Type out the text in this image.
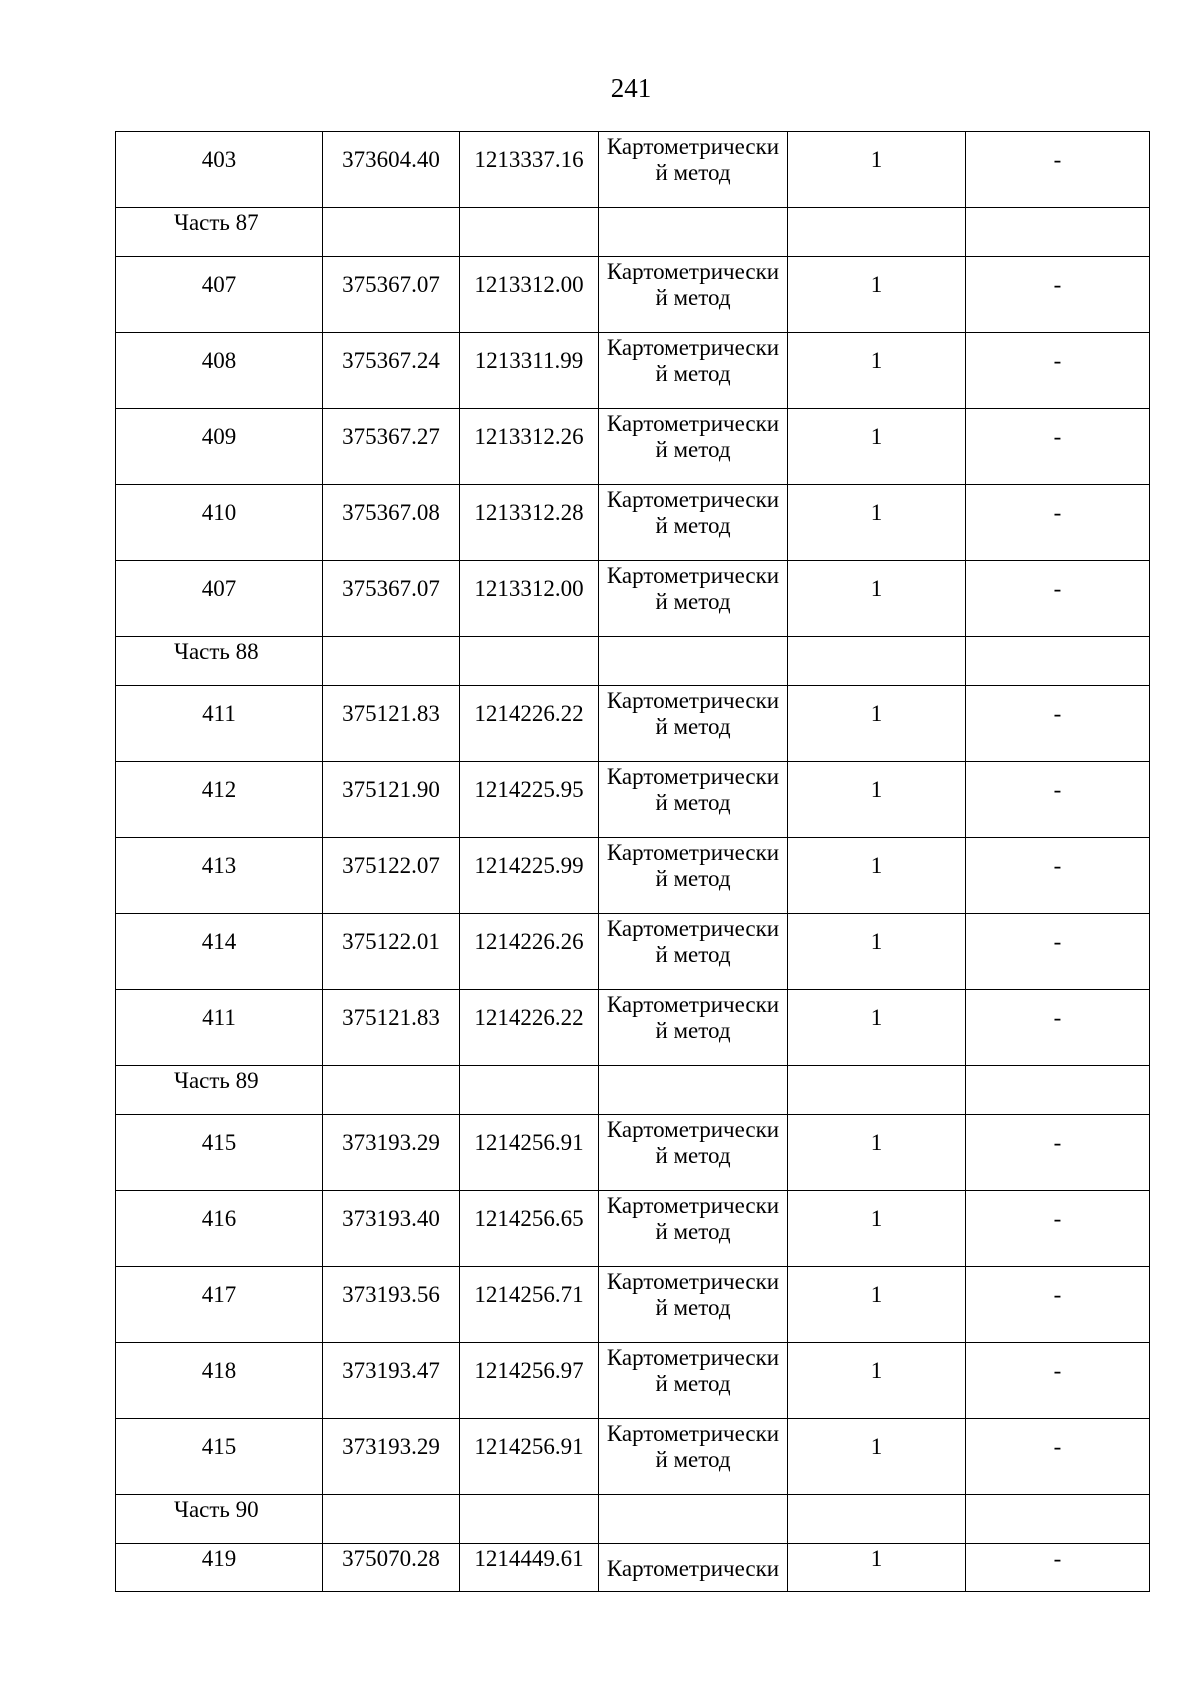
241
403	373604.40	1213337.16	Картометрически й метод	1	-
Часть 87					
407	375367.07	1213312.00	Картометрически й метод	1	-
408	375367.24	1213311.99	Картометрически й метод	1	-
409	375367.27	1213312.26	Картометрически й метод	1	-
410	375367.08	1213312.28	Картометрически й метод	1	-
407	375367.07	1213312.00	Картометрически й метод	1	-
Часть 88					
411	375121.83	1214226.22	Картометрически й метод	1	-
412	375121.90	1214225.95	Картометрически й метод	1	-
413	375122.07	1214225.99	Картометрически й метод	1	-
414	375122.01	1214226.26	Картометрически й метод	1	-
411	375121.83	1214226.22	Картометрически й метод	1	-
Часть 89					
415	373193.29	1214256.91	Картометрически й метод	1	-
416	373193.40	1214256.65	Картометрически й метод	1	-
417	373193.56	1214256.71	Картометрически й метод	1	-
418	373193.47	1214256.97	Картометрически й метод	1	-
415	373193.29	1214256.91	Картометрически й метод	1	-
Часть 90					
419	375070.28	1214449.61	Картометрически	1	-
